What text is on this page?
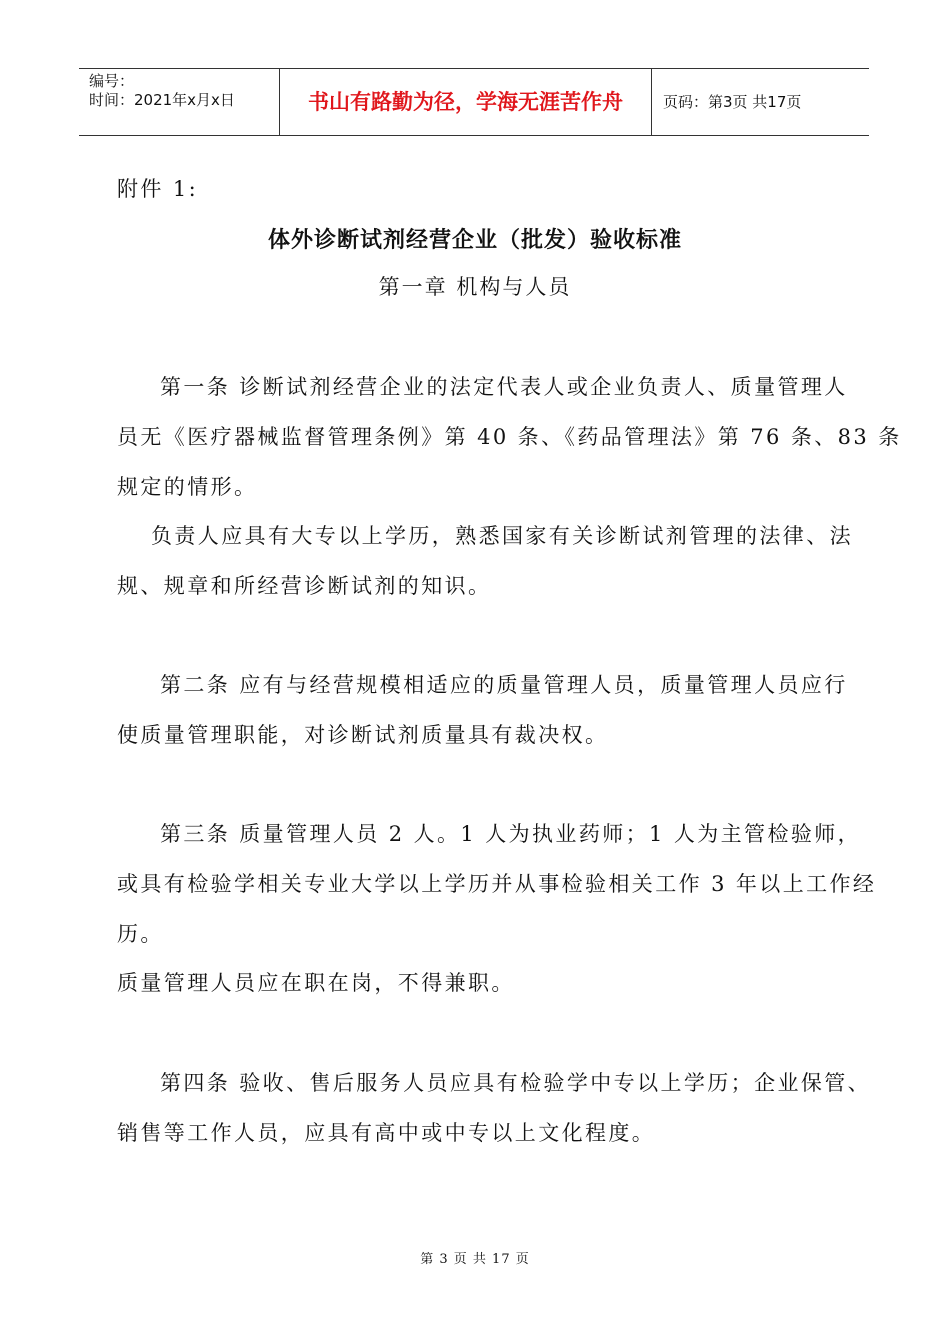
编号：
时间：2021年x月x日	书山有路勤为径，学海无涯苦作舟	页码：第3页 共17页
附件 1:
体外诊断试剂经营企业（批发）验收标准
第一章 机构与人员
第一条 诊断试剂经营企业的法定代表人或企业负责人、质量管理人
员无《医疗器械监督管理条例》第 40 条、《药品管理法》第 76 条、83 条
规定的情形。
负责人应具有大专以上学历，熟悉国家有关诊断试剂管理的法律、法
规、规章和所经营诊断试剂的知识。
第二条 应有与经营规模相适应的质量管理人员，质量管理人员应行
使质量管理职能，对诊断试剂质量具有裁决权。
第三条 质量管理人员 2 人。1 人为执业药师；1 人为主管检验师，
或具有检验学相关专业大学以上学历并从事检验相关工作 3 年以上工作经
历。
质量管理人员应在职在岗，不得兼职。
第四条 验收、售后服务人员应具有检验学中专以上学历；企业保管、
销售等工作人员，应具有高中或中专以上文化程度。
第 3 页 共 17 页
